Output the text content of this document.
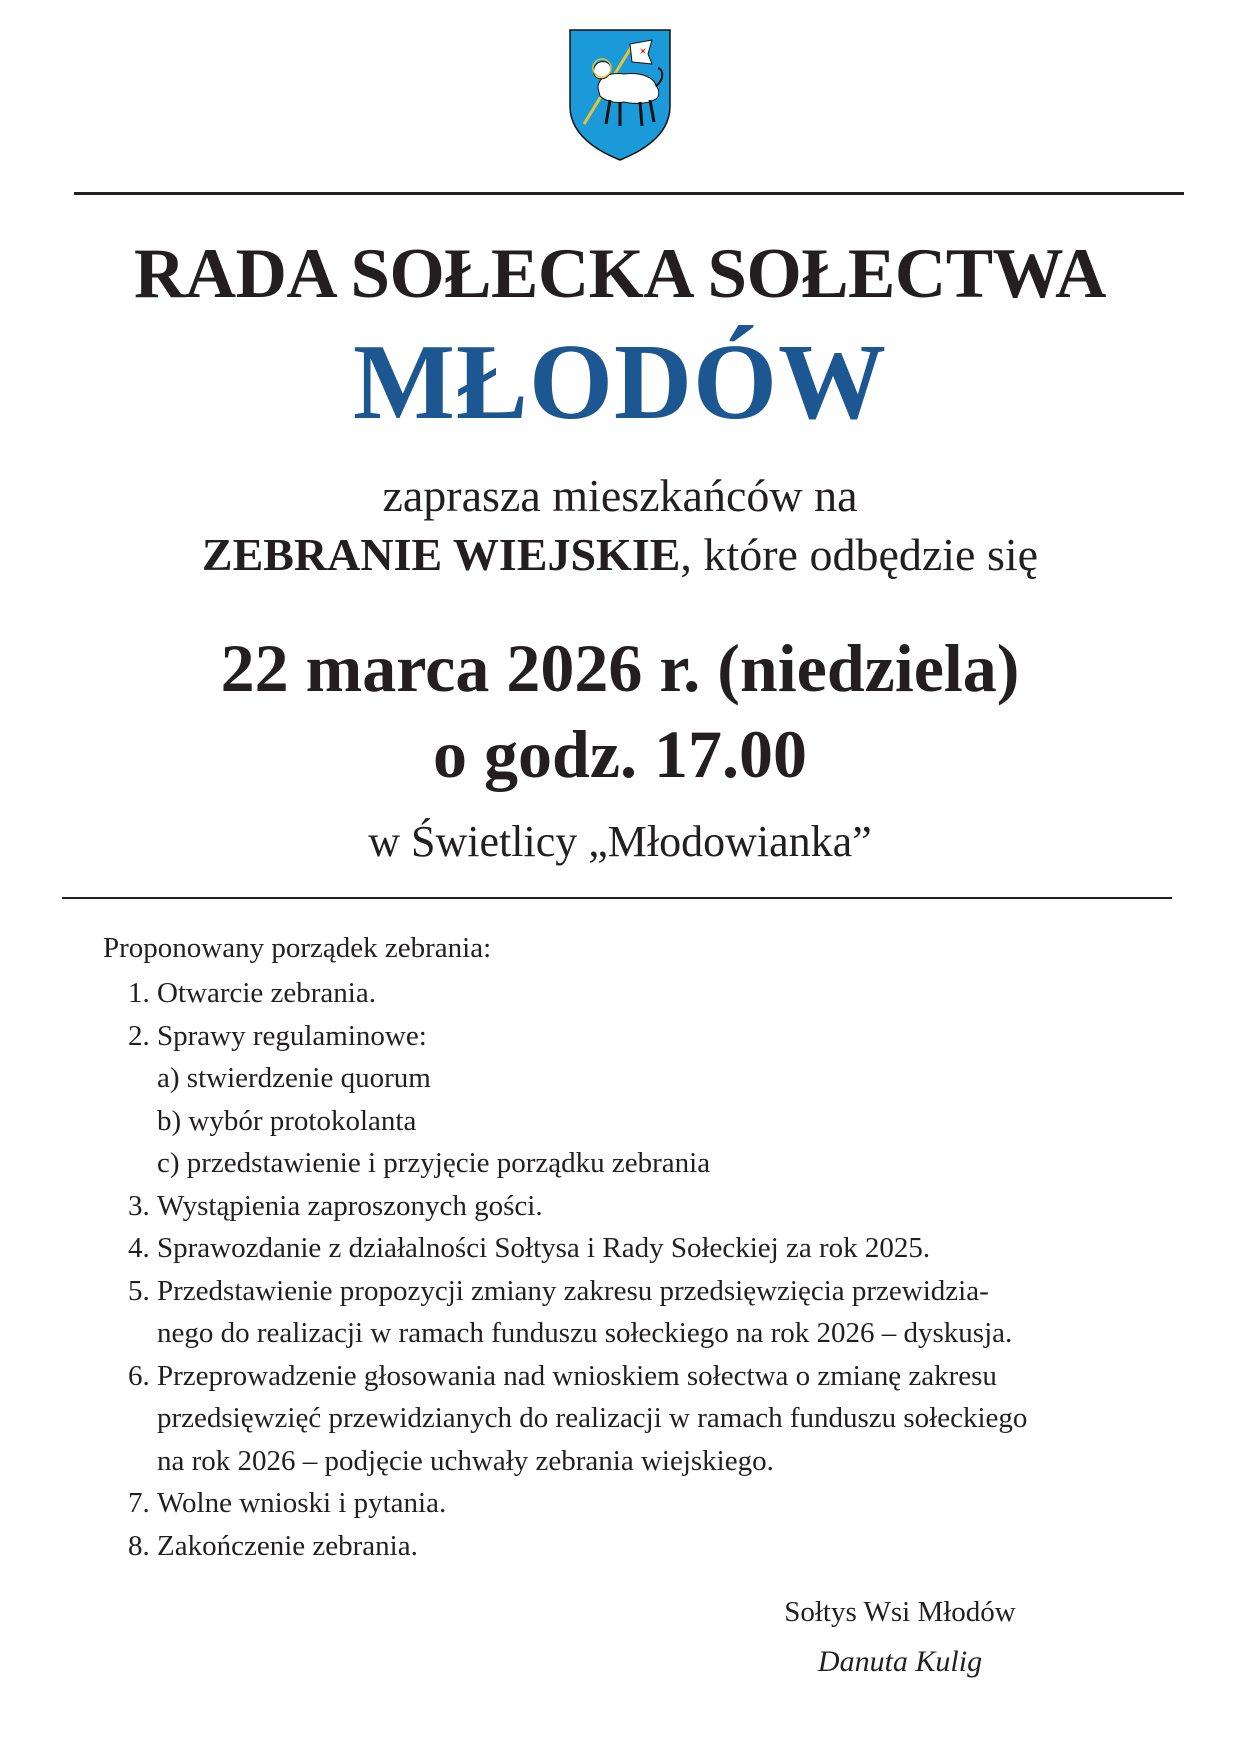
RADA SOŁECKA SOŁECTWA
MŁODÓW
zaprasza mieszkańców na
ZEBRANIE WIEJSKIE, które odbędzie się
22 marca 2026 r. (niedziela)
o godz. 17.00
w Świetlicy „Młodowianka”
Proponowany porządek zebrania:
1. Otwarcie zebrania.
2. Sprawy regulaminowe:
a) stwierdzenie quorum
b) wybór protokolanta
c) przedstawienie i przyjęcie porządku zebrania
3. Wystąpienia zaproszonych gości.
4. Sprawozdanie z działalności Sołtysa i Rady Sołeckiej za rok 2025.
5. Przedstawienie propozycji zmiany zakresu przedsięwzięcia przewidzia-
nego do realizacji w ramach funduszu sołeckiego na rok 2026 – dyskusja.
6. Przeprowadzenie głosowania nad wnioskiem sołectwa o zmianę zakresu
przedsięwzięć przewidzianych do realizacji w ramach funduszu sołeckiego
na rok 2026 – podjęcie uchwały zebrania wiejskiego.
7. Wolne wnioski i pytania.
8. Zakończenie zebrania.
Sołtys Wsi Młodów
Danuta Kulig
